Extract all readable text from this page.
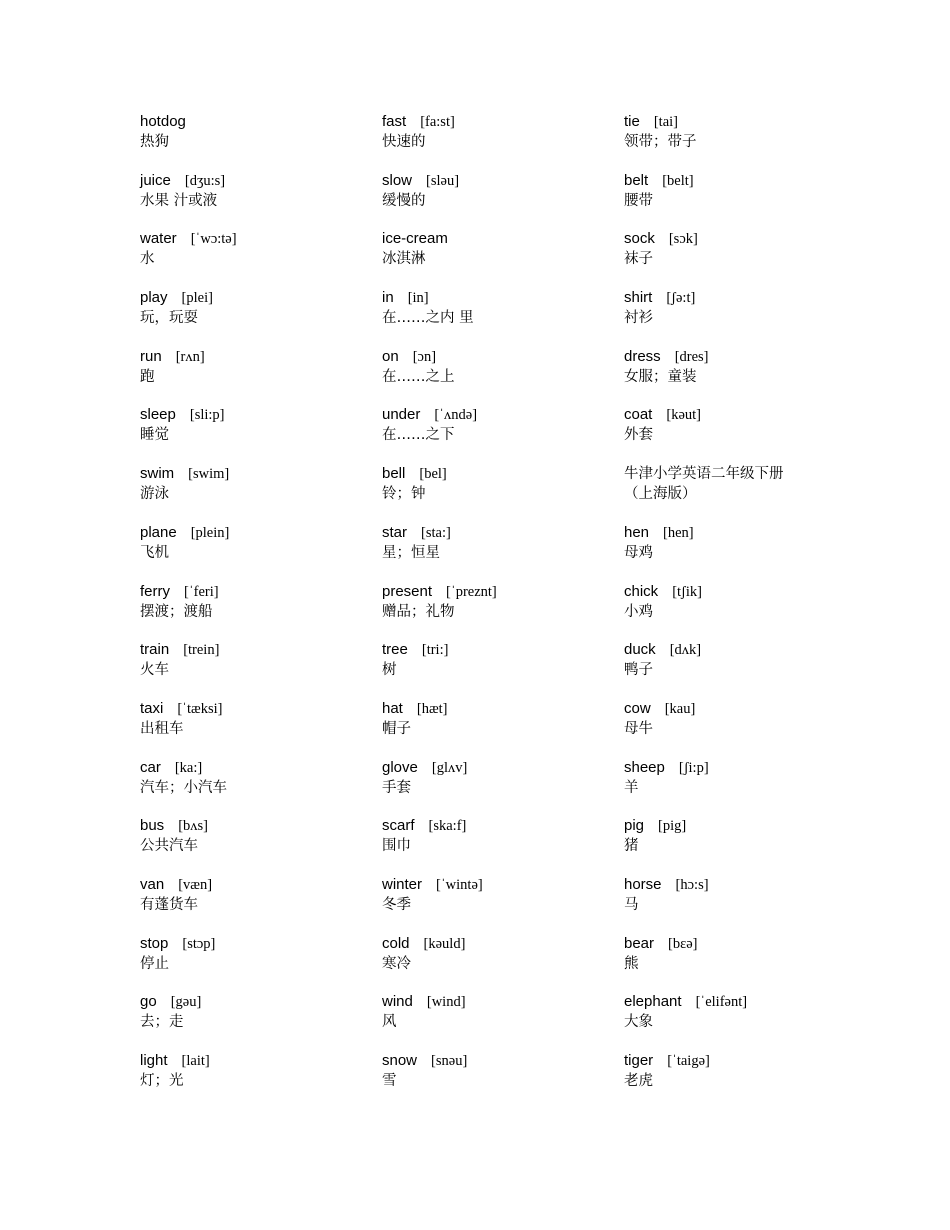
hotdog
热狗
juice [dʒu:s]
水果 汁或液
water [ˈwɔ:tə]
水
play [plei]
玩，玩耍
run [rʌn]
跑
sleep [sli:p]
睡觉
swim [swim]
游泳
plane [plein]
飞机
ferry [ˈferi]
摆渡；渡船
train [trein]
火车
taxi [ˈtæksi]
出租车
car [ka:]
汽车；小汽车
bus [bʌs]
公共汽车
van [væn]
有蓬货车
stop [stɔp]
停止
go [gəu]
去；走
light [lait]
灯；光
fast [fa:st]
快速的
slow [sləu]
缓慢的
ice-cream
冰淇淋
in [in]
在……之内 里
on [ɔn]
在……之上
under [ˈʌndə]
在……之下
bell [bel]
铃；钟
star [sta:]
星；恒星
present [ˈpreznt]
赠品；礼物
tree [tri:]
树
hat [hæt]
帽子
glove [glʌv]
手套
scarf [ska:f]
围巾
winter [ˈwintə]
冬季
cold [kəuld]
寒冷
wind [wind]
风
snow [snəu]
雪
tie [tai]
领带；带子
belt [belt]
腰带
sock [sɔk]
袜子
shirt [ʃə:t]
衬衫
dress [dres]
女服；童装
coat [kəut]
外套
牛津小学英语二年级下册
（上海版）
hen [hen]
母鸡
chick [tʃik]
小鸡
duck [dʌk]
鸭子
cow [kau]
母牛
sheep [ʃi:p]
羊
pig [pig]
猪
horse [hɔ:s]
马
bear [bɛə]
熊
elephant [ˈelifənt]
大象
tiger [ˈtaigə]
老虎
